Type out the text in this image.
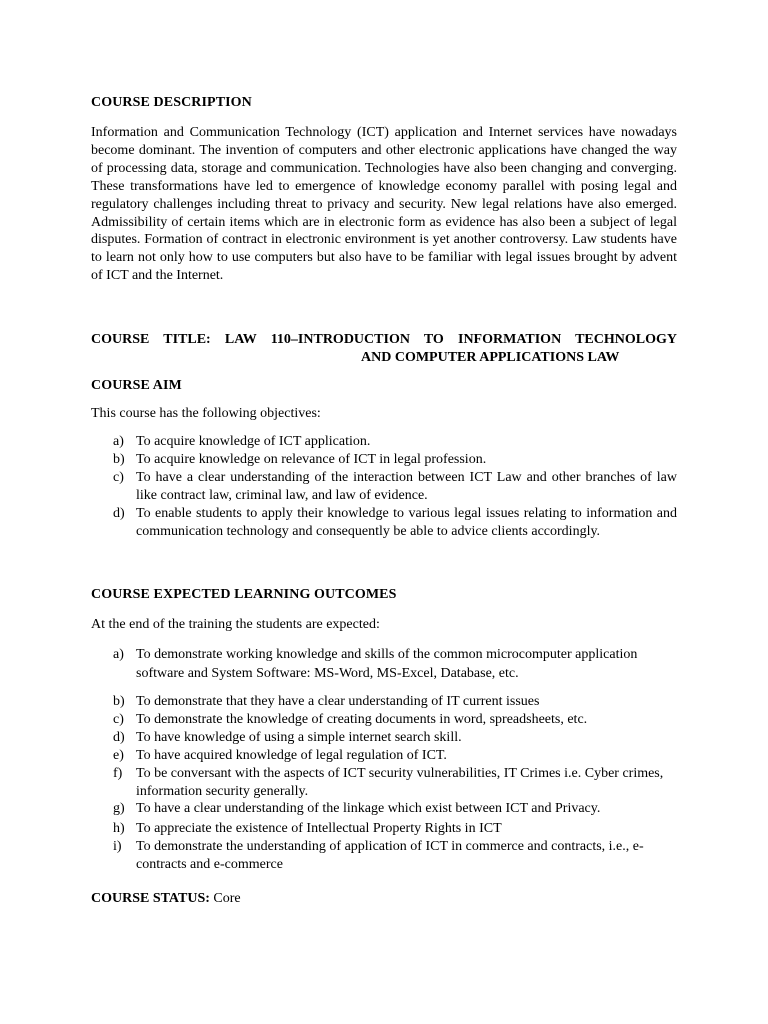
COURSE DESCRIPTION
Information and Communication Technology (ICT) application and Internet services have nowadays become dominant. The invention of computers and other electronic applications have changed the way of processing data, storage and communication. Technologies have also been changing and converging. These transformations have led to emergence of knowledge economy parallel with posing legal and regulatory challenges including threat to privacy and security. New legal relations have also emerged. Admissibility of certain items which are in electronic form as evidence has also been a subject of legal disputes. Formation of contract in electronic environment is yet another controversy. Law students have to learn not only how to use computers but also have to be familiar with legal issues brought by advent of ICT and the Internet.
COURSE TITLE: LAW 110–INTRODUCTION TO INFORMATION TECHNOLOGY
AND COMPUTER APPLICATIONS LAW
COURSE AIM
This course has the following objectives:
a) To acquire knowledge of ICT application.
b) To acquire knowledge on relevance of ICT in legal profession.
c) To have a clear understanding of the interaction between ICT Law and other branches of law like contract law, criminal law, and law of evidence.
d) To enable students to apply their knowledge to various legal issues relating to information and communication technology and consequently be able to advice clients accordingly.
COURSE EXPECTED LEARNING OUTCOMES
At the end of the training the students are expected:
a) To demonstrate working knowledge and skills of the common microcomputer application software and System Software: MS-Word, MS-Excel, Database, etc.
b) To demonstrate that they have a clear understanding of IT current issues
c) To demonstrate the knowledge of creating documents in word, spreadsheets, etc.
d) To have knowledge of using a simple internet search skill.
e) To have acquired knowledge of legal regulation of ICT.
f) To be conversant with the aspects of ICT security vulnerabilities, IT Crimes i.e. Cyber crimes, information security generally.
g) To have a clear understanding of the linkage which exist between ICT and Privacy.
h) To appreciate the existence of Intellectual Property Rights in ICT
i) To demonstrate the understanding of application of ICT in commerce and contracts, i.e., e-contracts and e-commerce
COURSE STATUS: Core
